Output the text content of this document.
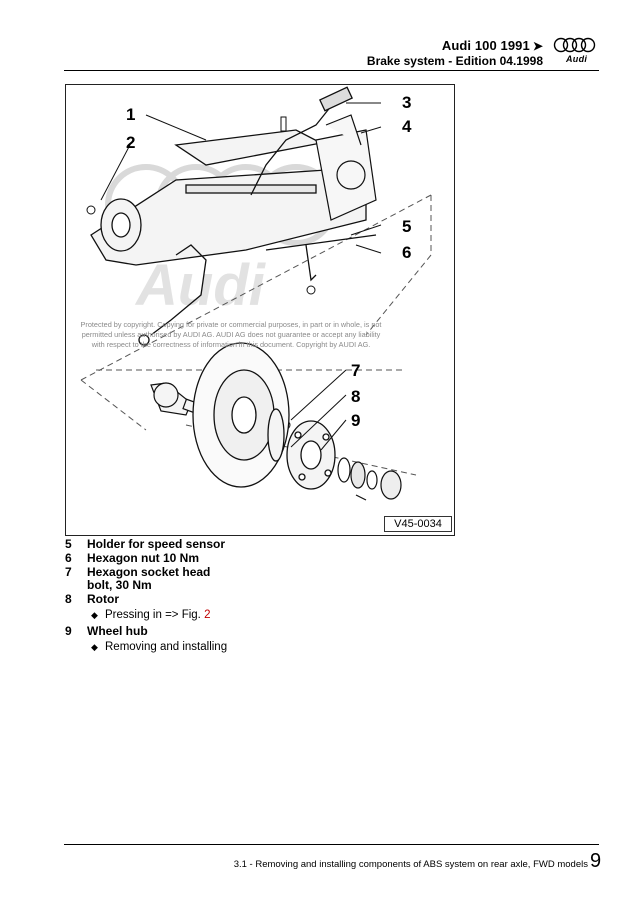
Audi 100 1991 ➤
Brake system - Edition 04.1998	Audi
Audi
1
2
3
4
5
6
7
8
9
Protected by copyright. Copying for private or commercial purposes, in part or in whole, is not permitted unless authorised by AUDI AG. AUDI AG does not guarantee or accept any liability with respect to the correctness of information in this document. Copyright by AUDI AG.
V45-0034
5 Holder for speed sensor
6 Hexagon nut 10 Nm
7 Hexagon socket head bolt, 30 Nm
8 Rotor
◆ Pressing in => Fig. 2
9 Wheel hub
◆ Removing and installing
3.1 - Removing and installing components of ABS system on rear axle, FWD models 9
